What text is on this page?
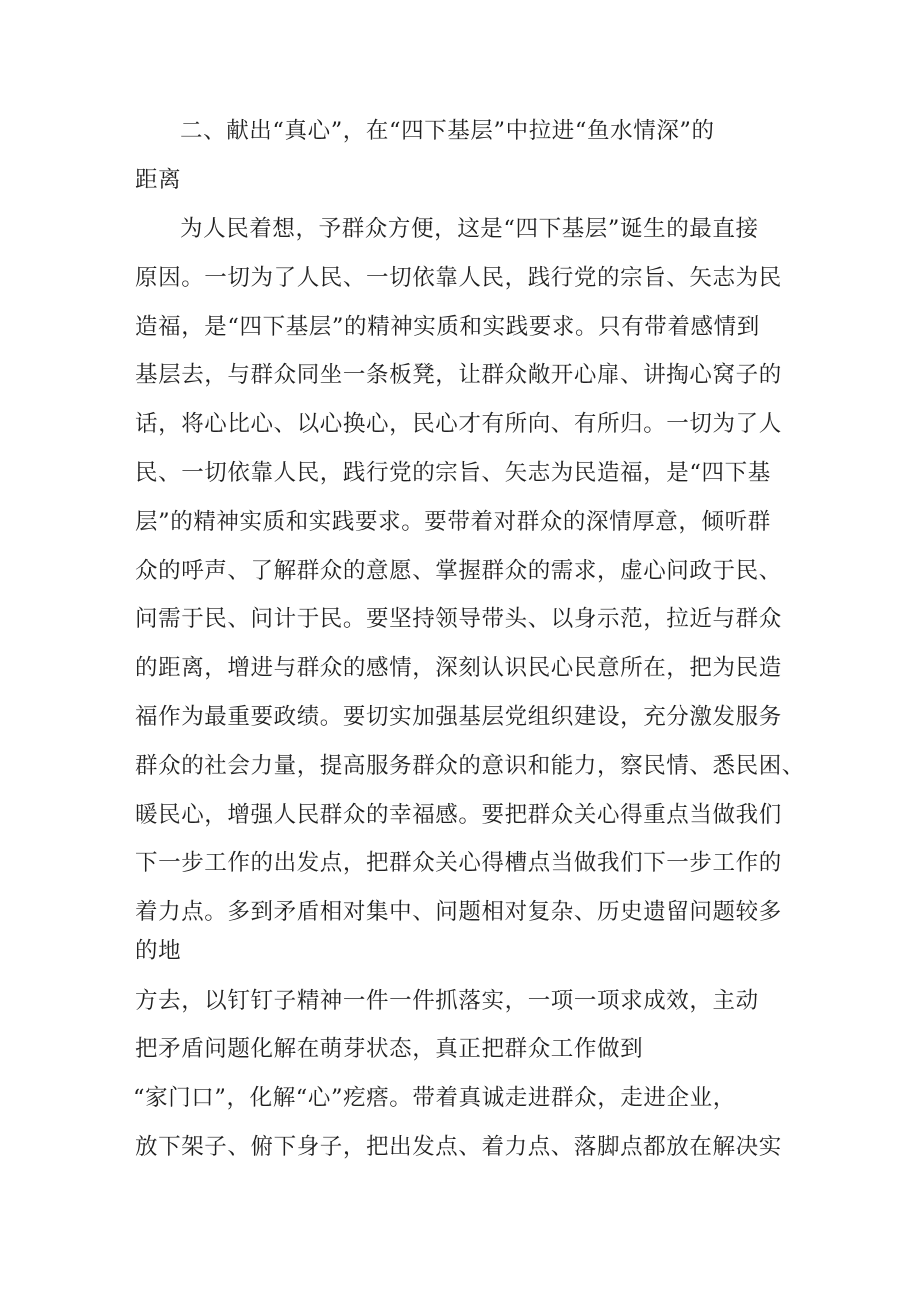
二、献出“真心”，在“四下基层”中拉进“鱼水情深”的

距离

为人民着想，予群众方便，这是“四下基层”诞生的最直接

原因。一切为了人民、一切依靠人民，践行党的宗旨、矢志为民

造福，是“四下基层”的精神实质和实践要求。只有带着感情到

基层去，与群众同坐一条板凳，让群众敞开心扉、讲掏心窝子的

话，将心比心、以心换心，民心才有所向、有所归。一切为了人

民、一切依靠人民，践行党的宗旨、矢志为民造福，是“四下基

层”的精神实质和实践要求。要带着对群众的深情厚意，倾听群

众的呼声、了解群众的意愿、掌握群众的需求，虚心问政于民、

问需于民、问计于民。要坚持领导带头、以身示范，拉近与群众

的距离，增进与群众的感情，深刻认识民心民意所在，把为民造

福作为最重要政绩。要切实加强基层党组织建设，充分激发服务

群众的社会力量，提高服务群众的意识和能力，察民情、悉民困、

暖民心，增强人民群众的幸福感。要把群众关心得重点当做我们

下一步工作的出发点，把群众关心得槽点当做我们下一步工作的

着力点。多到矛盾相对集中、问题相对复杂、历史遗留问题较多

的地

方去，以钉钉子精神一件一件抓落实，一项一项求成效，主动

把矛盾问题化解在萌芽状态，真正把群众工作做到

“家门口”，化解“心”疙瘩。带着真诚走进群众，走进企业，

放下架子、俯下身子，把出发点、着力点、落脚点都放在解决实
